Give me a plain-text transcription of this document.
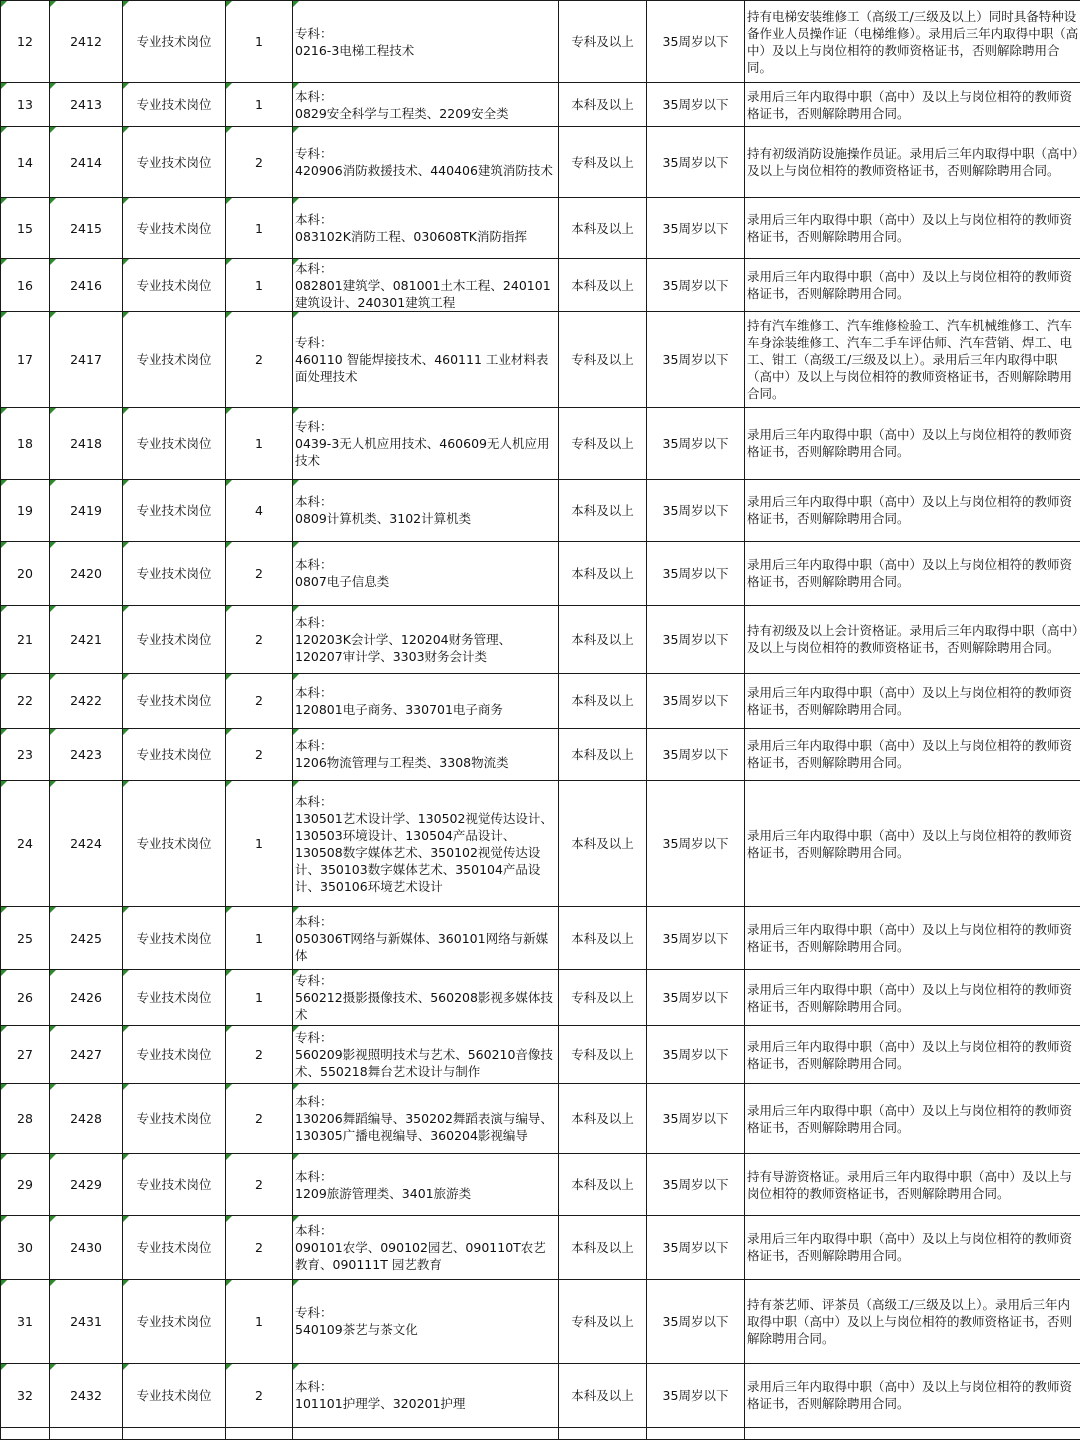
12	2412	专业技术岗位	1	专科：
0216-3电梯工程技术	专科及以上	35周岁以下	持有电梯安装维修工（高级工/三级及以上）同时具备特种设备作业人员操作证（电梯维修）。录用后三年内取得中职（高中）及以上与岗位相符的教师资格证书，否则解除聘用合同。
13	2413	专业技术岗位	1	本科：
0829安全科学与工程类、2209安全类	本科及以上	35周岁以下	录用后三年内取得中职（高中）及以上与岗位相符的教师资格证书，否则解除聘用合同。
14	2414	专业技术岗位	2	专科：
420906消防救援技术、440406建筑消防技术	专科及以上	35周岁以下	持有初级消防设施操作员证。录用后三年内取得中职（高中）及以上与岗位相符的教师资格证书，否则解除聘用合同。
15	2415	专业技术岗位	1	本科：
083102K消防工程、030608TK消防指挥	本科及以上	35周岁以下	录用后三年内取得中职（高中）及以上与岗位相符的教师资格证书，否则解除聘用合同。
16	2416	专业技术岗位	1	本科：
082801建筑学、081001土木工程、240101建筑设计、240301建筑工程	本科及以上	35周岁以下	录用后三年内取得中职（高中）及以上与岗位相符的教师资格证书，否则解除聘用合同。
17	2417	专业技术岗位	2	专科：
460110 智能焊接技术、460111 工业材料表面处理技术	专科及以上	35周岁以下	持有汽车维修工、汽车维修检验工、汽车机械维修工、汽车车身涂装维修工、汽车二手车评估师、汽车营销、焊工、电工、钳工（高级工/三级及以上）。录用后三年内取得中职（高中）及以上与岗位相符的教师资格证书，否则解除聘用合同。
18	2418	专业技术岗位	1	专科：
0439-3无人机应用技术、460609无人机应用技术	专科及以上	35周岁以下	录用后三年内取得中职（高中）及以上与岗位相符的教师资格证书，否则解除聘用合同。
19	2419	专业技术岗位	4	本科：
0809计算机类、3102计算机类	本科及以上	35周岁以下	录用后三年内取得中职（高中）及以上与岗位相符的教师资格证书，否则解除聘用合同。
20	2420	专业技术岗位	2	本科：
0807电子信息类	本科及以上	35周岁以下	录用后三年内取得中职（高中）及以上与岗位相符的教师资格证书，否则解除聘用合同。
21	2421	专业技术岗位	2	本科：
120203K会计学、120204财务管理、120207审计学、3303财务会计类	本科及以上	35周岁以下	持有初级及以上会计资格证。录用后三年内取得中职（高中）及以上与岗位相符的教师资格证书，否则解除聘用合同。
22	2422	专业技术岗位	2	本科：
120801电子商务、330701电子商务	本科及以上	35周岁以下	录用后三年内取得中职（高中）及以上与岗位相符的教师资格证书，否则解除聘用合同。
23	2423	专业技术岗位	2	本科：
1206物流管理与工程类、3308物流类	本科及以上	35周岁以下	录用后三年内取得中职（高中）及以上与岗位相符的教师资格证书，否则解除聘用合同。
24	2424	专业技术岗位	1	本科：
130501艺术设计学、130502视觉传达设计、130503环境设计、130504产品设计、130508数字媒体艺术、350102视觉传达设计、350103数字媒体艺术、350104产品设计、350106环境艺术设计	本科及以上	35周岁以下	录用后三年内取得中职（高中）及以上与岗位相符的教师资格证书，否则解除聘用合同。
25	2425	专业技术岗位	1	本科：
050306T网络与新媒体、360101网络与新媒体	本科及以上	35周岁以下	录用后三年内取得中职（高中）及以上与岗位相符的教师资格证书，否则解除聘用合同。
26	2426	专业技术岗位	1	专科：
560212摄影摄像技术、560208影视多媒体技术	专科及以上	35周岁以下	录用后三年内取得中职（高中）及以上与岗位相符的教师资格证书，否则解除聘用合同。
27	2427	专业技术岗位	2	专科：
560209影视照明技术与艺术、560210音像技术、550218舞台艺术设计与制作	专科及以上	35周岁以下	录用后三年内取得中职（高中）及以上与岗位相符的教师资格证书，否则解除聘用合同。
28	2428	专业技术岗位	2	本科：
130206舞蹈编导、350202舞蹈表演与编导、130305广播电视编导、360204影视编导	本科及以上	35周岁以下	录用后三年内取得中职（高中）及以上与岗位相符的教师资格证书，否则解除聘用合同。
29	2429	专业技术岗位	2	本科：
1209旅游管理类、3401旅游类	本科及以上	35周岁以下	持有导游资格证。录用后三年内取得中职（高中）及以上与岗位相符的教师资格证书，否则解除聘用合同。
30	2430	专业技术岗位	2	本科：
090101农学、090102园艺、090110T农艺教育、090111T 园艺教育	本科及以上	35周岁以下	录用后三年内取得中职（高中）及以上与岗位相符的教师资格证书，否则解除聘用合同。
31	2431	专业技术岗位	1	专科：
540109茶艺与茶文化	专科及以上	35周岁以下	持有茶艺师、评茶员（高级工/三级及以上）。录用后三年内取得中职（高中）及以上与岗位相符的教师资格证书，否则解除聘用合同。
32	2432	专业技术岗位	2	本科：
101101护理学、320201护理	本科及以上	35周岁以下	录用后三年内取得中职（高中）及以上与岗位相符的教师资格证书，否则解除聘用合同。
